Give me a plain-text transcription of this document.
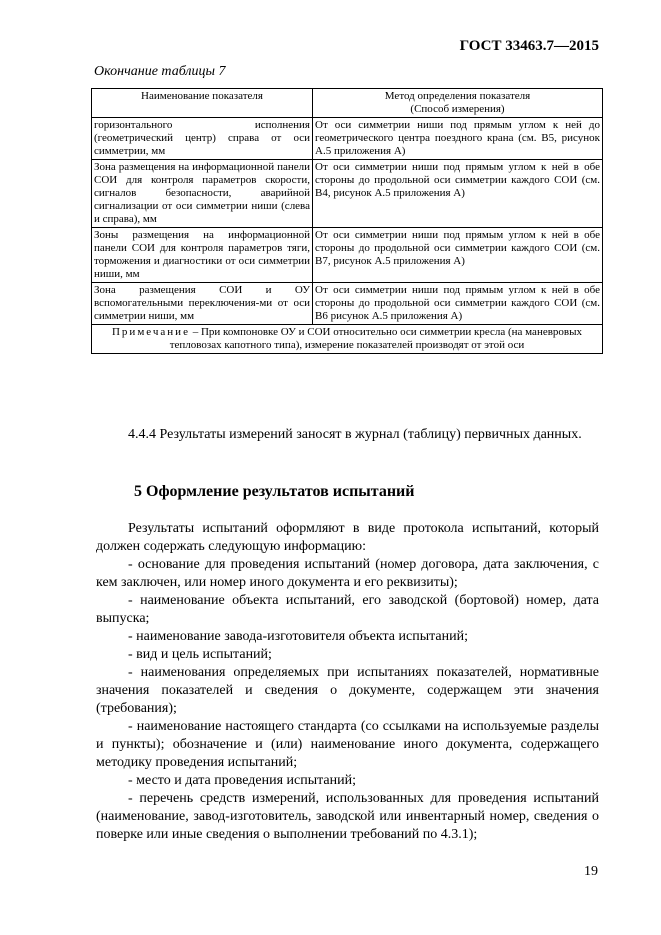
ГОСТ 33463.7—2015
Окончание таблицы 7
Наименование показателя	Метод определения показателя
(Способ измерения)
горизонтального исполнения (геометрический центр) справа от оси симметрии, мм	От оси симметрии ниши под прямым углом к ней до геометрического центра поездного крана (см. В5, рисунок А.5 приложения А)
Зона размещения на информационной панели СОИ для контроля параметров скорости, сигналов безопасности, аварийной сигнализации от оси симметрии ниши (слева и справа), мм	От оси симметрии ниши под прямым углом к ней в обе стороны до продольной оси симметрии каждого СОИ (см. В4, рисунок А.5 приложения А)
Зоны размещения на информационной панели СОИ для контроля параметров тяги, торможения и диагностики от оси симметрии ниши, мм	От оси симметрии ниши под прямым углом к ней в обе стороны до продольной оси симметрии каждого СОИ (см. В7, рисунок А.5 приложения А)
Зона размещения СОИ и ОУ вспомогательными переключения-ми от оси симметрии ниши, мм	От оси симметрии ниши под прямым углом к ней в обе стороны до продольной оси симметрии каждого СОИ (см. В6 рисунок А.5 приложения А)
Примечание – При компоновке ОУ и СОИ относительно оси симметрии кресла (на маневровых тепловозах капотного типа), измерение показателей производят от этой оси	
4.4.4 Результаты измерений заносят в журнал (таблицу) первичных данных.
5 Оформление результатов испытаний
Результаты испытаний оформляют в виде протокола испытаний, который должен содержать следующую информацию:
- основание для проведения испытаний (номер договора, дата заключения, с кем заключен, или номер иного документа и его реквизиты);
- наименование объекта испытаний, его заводской (бортовой) номер, дата выпуска;
- наименование завода-изготовителя объекта испытаний;
- вид и цель испытаний;
- наименования определяемых при испытаниях показателей, нормативные значения показателей и сведения о документе, содержащем эти значения (требования);
- наименование настоящего стандарта (со ссылками на используемые разделы и пункты); обозначение и (или) наименование иного документа, содержащего методику проведения испытаний;
- место и дата проведения испытаний;
- перечень средств измерений, использованных для проведения испытаний (наименование, завод-изготовитель, заводской или инвентарный номер, сведения о поверке или иные сведения о выполнении требований по 4.3.1);
19
